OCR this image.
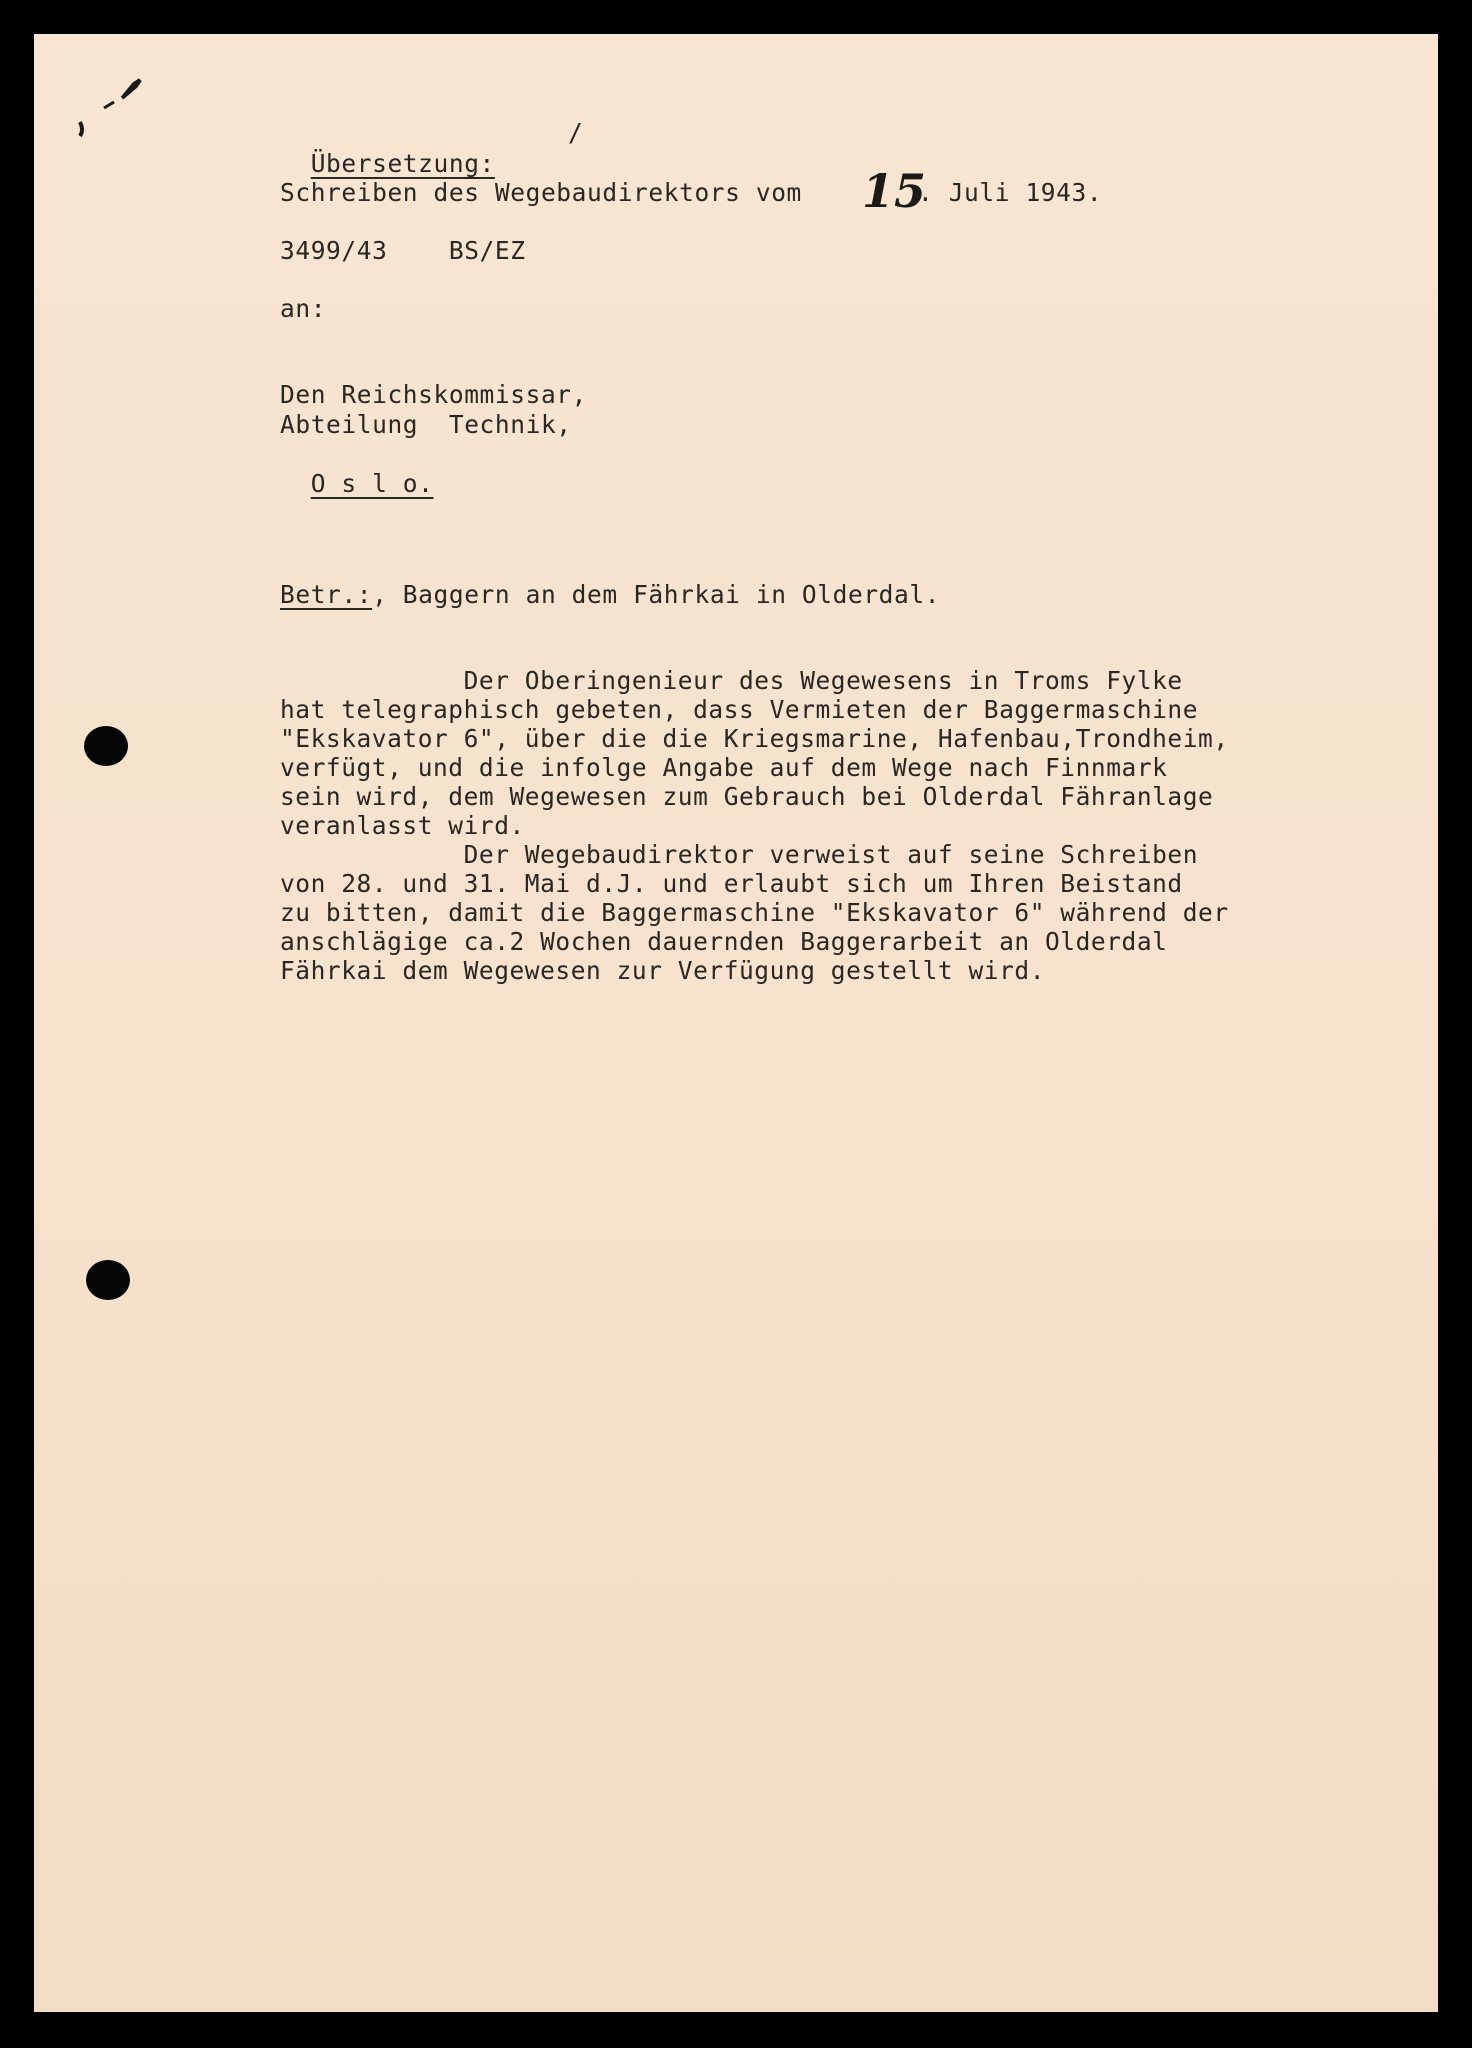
Übersetzung:

/
Schreiben des Wegebaudirektors vom 15
. Juli 1943.
3499/43    BS/EZ
an:
Den Reichskommissar,
Abteilung  Technik,

O s l o.

Betr.:, Baggern an dem Fährkai in Olderdal.
Der Oberingenieur des Wegewesens in Troms Fylke
hat telegraphisch gebeten, dass Vermieten der Baggermaschine
"Ekskavator 6", über die die Kriegsmarine, Hafenbau,Trondheim,
verfügt, und die infolge Angabe auf dem Wege nach Finnmark
sein wird, dem Wegewesen zum Gebrauch bei Olderdal Fähranlage
veranlasst wird.
Der Wegebaudirektor verweist auf seine Schreiben
von 28. und 31. Mai d.J. und erlaubt sich um Ihren Beistand
zu bitten, damit die Baggermaschine "Ekskavator 6" während der
anschlägige ca.2 Wochen dauernden Baggerarbeit an Olderdal
Fährkai dem Wegewesen zur Verfügung gestellt wird.
